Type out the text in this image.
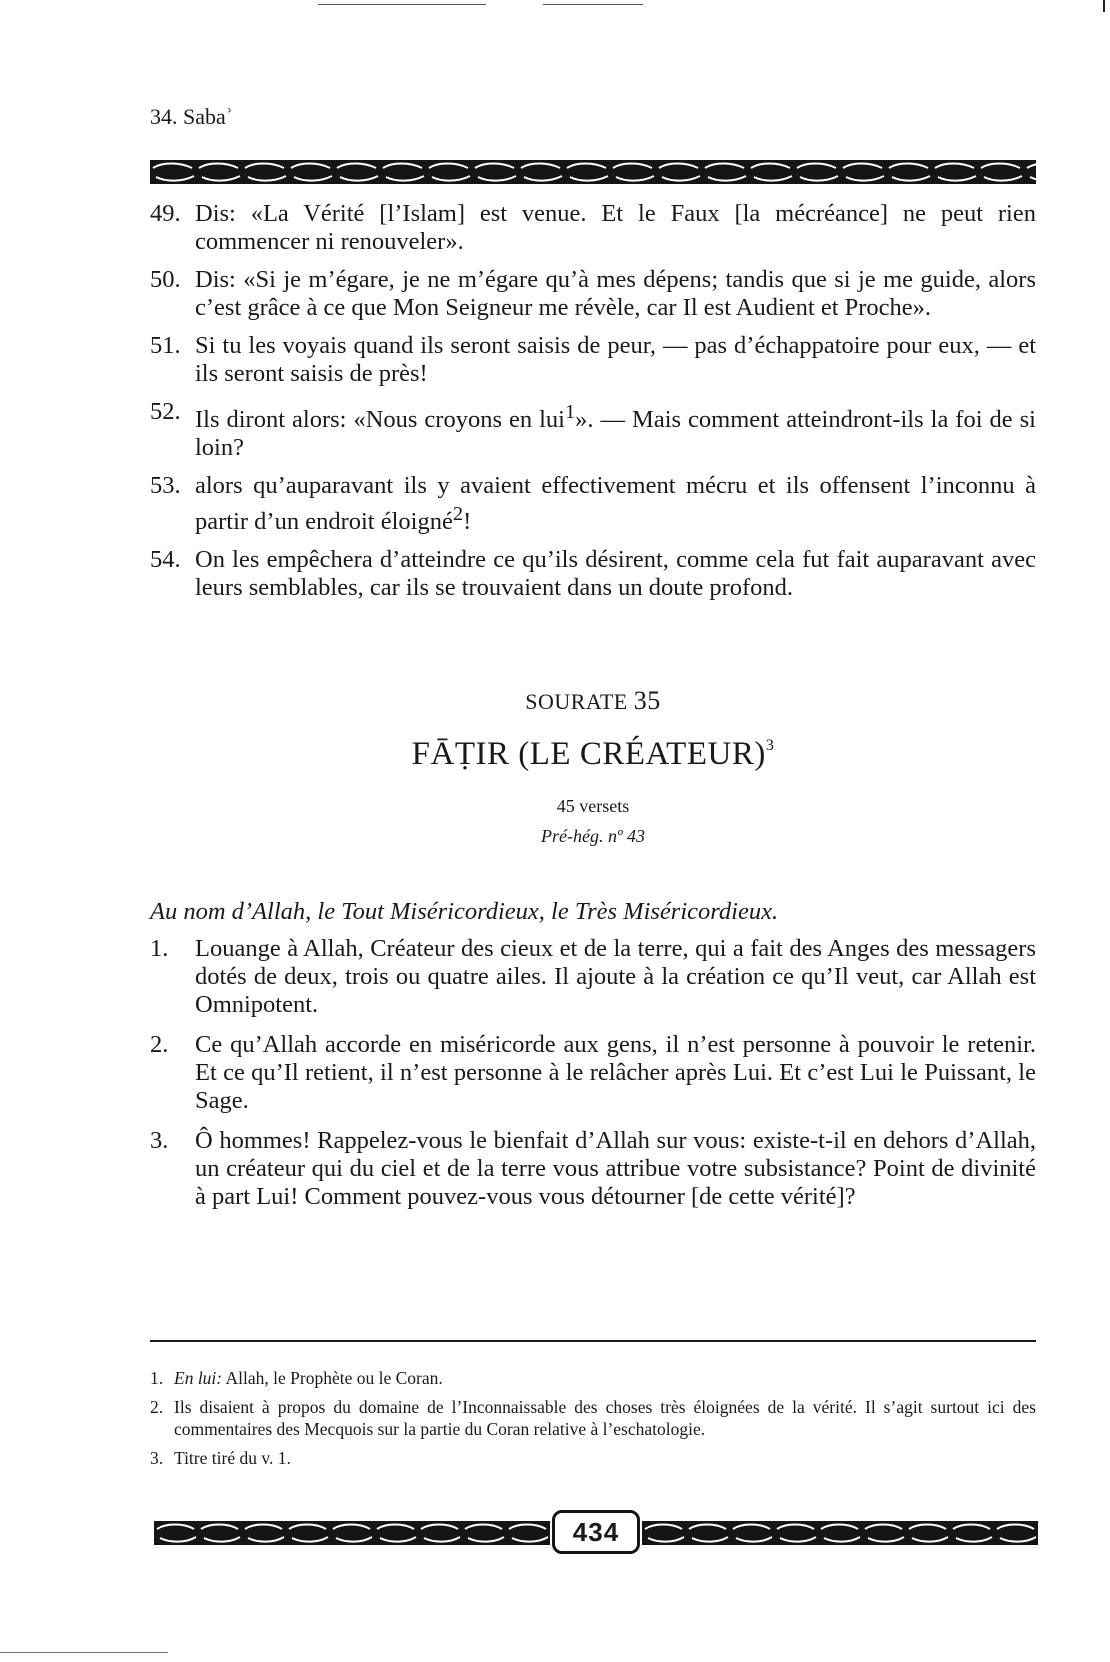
34. Sabaʾ
49. Dis: «La Vérité [l’Islam] est venue. Et le Faux [la mécréance] ne peut rien commencer ni renouveler».
50. Dis: «Si je m’égare, je ne m’égare qu’à mes dépens; tandis que si je me guide, alors c’est grâce à ce que Mon Seigneur me révèle, car Il est Audient et Proche».
51. Si tu les voyais quand ils seront saisis de peur, — pas d’échappatoire pour eux, — et ils seront saisis de près!
52. Ils diront alors: «Nous croyons en lui$^1$». — Mais comment atteindront-ils la foi de si loin?
53. alors qu’auparavant ils y avaient effectivement mécru et ils offensent l’inconnu à partir d’un endroit éloigné$^2$!
54. On les empêchera d’atteindre ce qu’ils désirent, comme cela fut fait auparavant avec leurs semblables, car ils se trouvaient dans un doute profond.
SOURATE 35
FĀṬIR (LE CRÉATEUR)$^3$
45 versets
Pré-hég. nº 43
Au nom d’Allah, le Tout Miséricordieux, le Très Miséricordieux.
1. Louange à Allah, Créateur des cieux et de la terre, qui a fait des Anges des messagers dotés de deux, trois ou quatre ailes. Il ajoute à la création ce qu’Il veut, car Allah est Omnipotent.
2. Ce qu’Allah accorde en miséricorde aux gens, il n’est personne à pouvoir le retenir. Et ce qu’Il retient, il n’est personne à le relâcher après Lui. Et c’est Lui le Puissant, le Sage.
3. Ô hommes! Rappelez-vous le bienfait d’Allah sur vous: existe-t-il en dehors d’Allah, un créateur qui du ciel et de la terre vous attribue votre subsistance? Point de divinité à part Lui! Comment pouvez-vous vous détourner [de cette vérité]?
1. En lui: Allah, le Prophète ou le Coran.
2. Ils disaient à propos du domaine de l’Inconnaissable des choses très éloignées de la vérité. Il s’agit surtout ici des commentaires des Mecquois sur la partie du Coran relative à l’eschatologie.
3. Titre tiré du v. 1.
434
